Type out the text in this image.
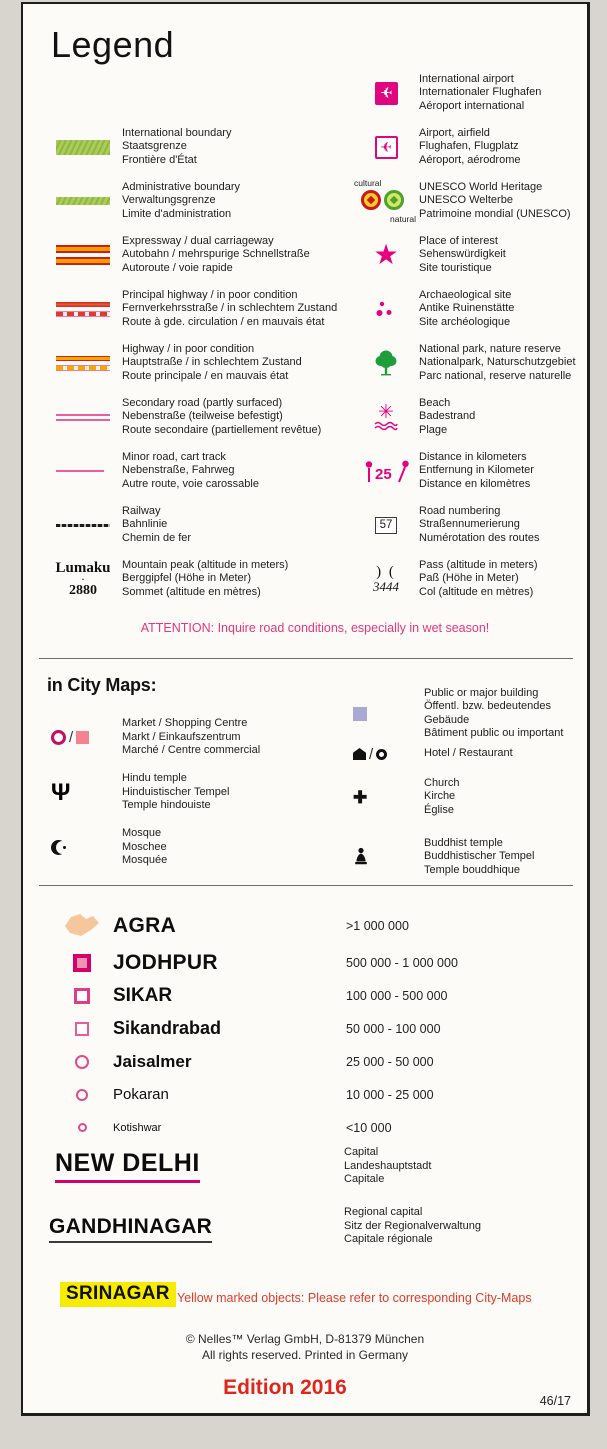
Legend
International boundary
Staatsgrenze
Frontière d'État
Administrative boundary
Verwaltungsgrenze
Limite d'administration
Expressway / dual carriageway
Autobahn / mehrspurige Schnellstraße
Autoroute / voie rapide
Principal highway / in poor condition
Fernverkehrsstraße / in schlechtem Zustand
Route à gde. circulation / en mauvais état
Highway / in poor condition
Hauptstraße / in schlechtem Zustand
Route principale / en mauvais état
Secondary road (partly surfaced)
Nebenstraße (teilweise befestigt)
Route secondaire (partiellement revêtue)
Minor road, cart track
Nebenstraße, Fahrweg
Autre route, voie carossable
Railway
Bahnlinie
Chemin de fer
Lumaku
·
2880
Mountain peak (altitude in meters)
Berggipfel (Höhe in Meter)
Sommet (altitude en mètres)
✈
International airport
Internationaler Flughafen
Aéroport international
✈
Airport, airfield
Flughafen, Flugplatz
Aéroport, aérodrome
cultural
natural
UNESCO World Heritage
UNESCO Welterbe
Patrimoine mondial (UNESCO)
★ Place of interest
Sehenswürdigkeit
Site touristique
Archaeological site
Antike Ruinenstätte
Site archéologique
National park, nature reserve
Nationalpark, Naturschutzgebiet
Parc national, reserve naturelle
✳ Beach
Badestrand
Plage
25
Distance in kilometers
Entfernung in Kilometer
Distance en kilomètres
57
Road numbering
Straßennumerierung
Numérotation des routes
) (
3444
Pass (altitude in meters)
Paß (Höhe in Meter)
Col (altitude en mètres)
ATTENTION: Inquire road conditions, especially in wet season!
in City Maps:
/
Market / Shopping Centre
Markt / Einkaufszentrum
Marché / Centre commercial
Ψ
Hindu temple
Hinduistischer Tempel
Temple hindouiste
Mosque
Moschee
Mosquée
Public or major building
Öffentl. bzw. bedeutendes Gebäude
Bâtiment public ou important
/	Hotel / Restaurant
✚
Church
Kirche
Église
Buddhist temple
Buddhistischer Tempel
Temple bouddhique
AGRA	>1 000 000
JODHPUR	500 000 - 1 000 000
SIKAR	100 000 - 500 000
Sikandrabad	50 000 - 100 000
Jaisalmer	25 000 - 50 000
Pokaran	10 000 - 25 000
Kotishwar	<10 000
NEW DELHI	Capital
Landeshauptstadt
Capitale
GANDHINAGAR
Regional capital
Sitz der Regionalverwaltung
Capitale régionale
SRINAGAR Yellow marked objects: Please refer to corresponding City-Maps
© Nelles™ Verlag GmbH, D-81379 München
All rights reserved. Printed in Germany
Edition 2016
46/17
